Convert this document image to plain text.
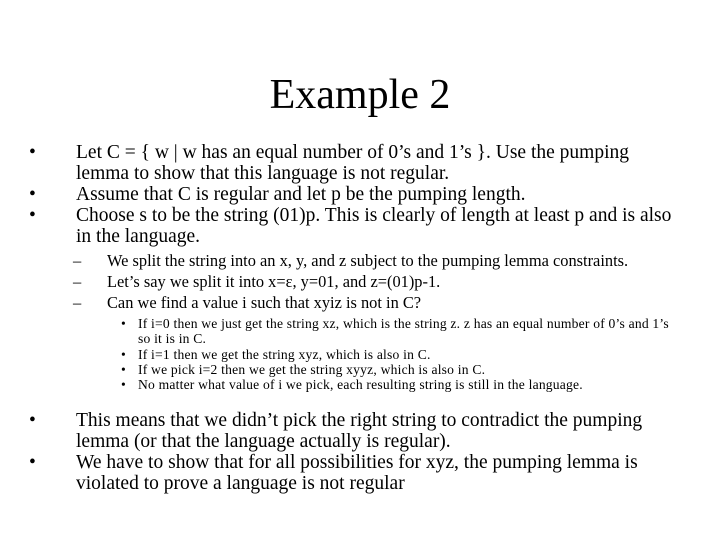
Example 2
• Let C = { w | w has an equal number of 0’s and 1’s }. Use the pumping lemma to show that this language is not regular.
• Assume that C is regular and let p be the pumping length.
• Choose s to be the string (01)p. This is clearly of length at least p and is also in the language.
– We split the string into an x, y, and z subject to the pumping lemma constraints.
– Let’s say we split it into x=ε, y=01, and z=(01)p-1.
– Can we find a value i such that xyiz is not in C?
• If i=0 then we just get the string xz, which is the string z. z has an equal number of 0’s and 1’s so it is in C.
• If i=1 then we get the string xyz, which is also in C.
• If we pick i=2 then we get the string xyyz, which is also in C.
• No matter what value of i we pick, each resulting string is still in the language.
• This means that we didn’t pick the right string to contradict the pumping lemma (or that the language actually is regular).
• We have to show that for all possibilities for xyz, the pumping lemma is violated to prove a language is not regular
